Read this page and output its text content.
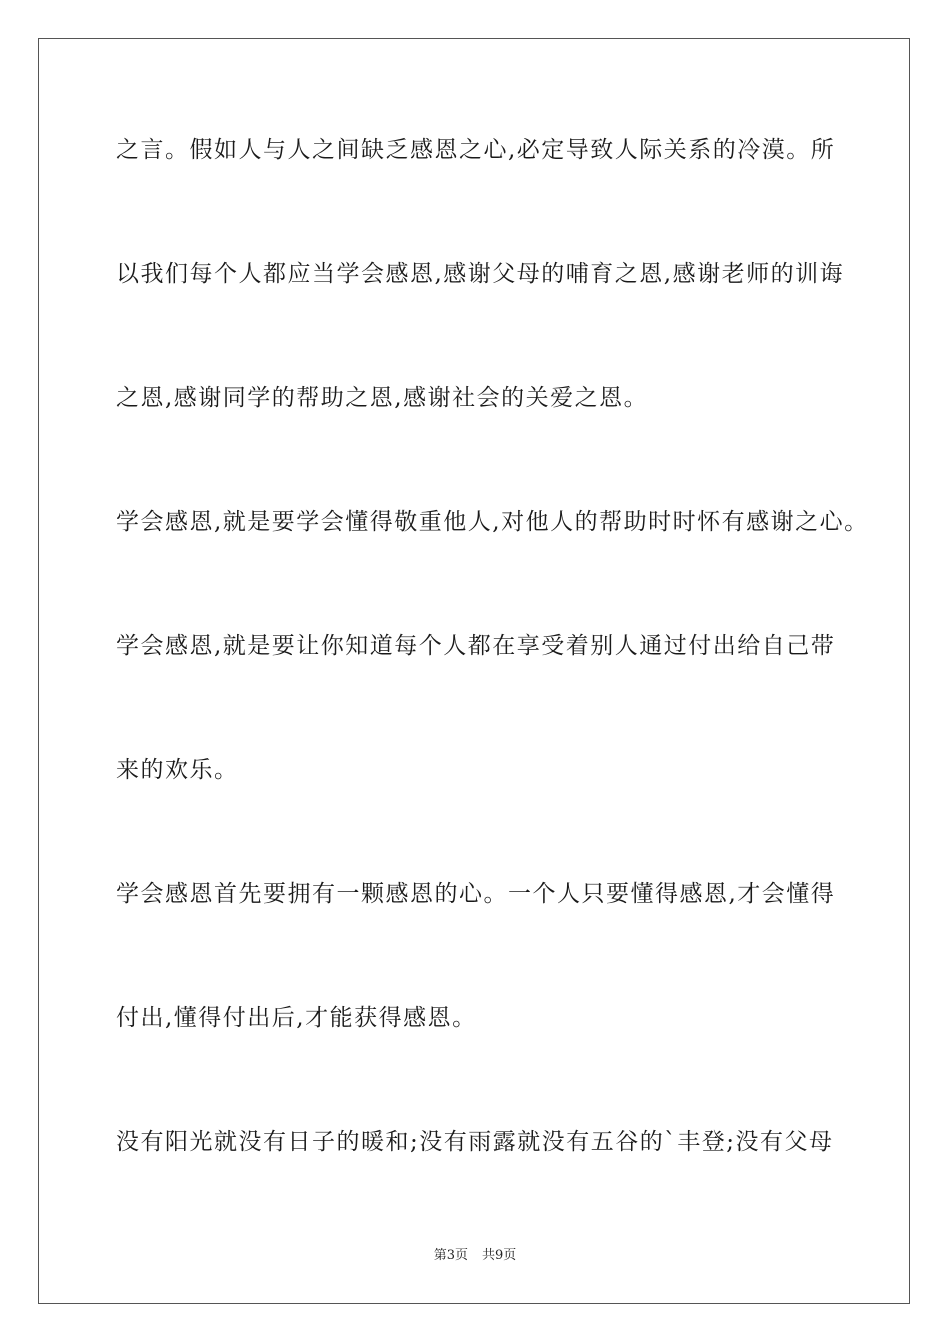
之言。假如人与人之间缺乏感恩之心,必定导致人际关系的冷漠。所
以我们每个人都应当学会感恩,感谢父母的哺育之恩,感谢老师的训诲
之恩,感谢同学的帮助之恩,感谢社会的关爱之恩。
学会感恩,就是要学会懂得敬重他人,对他人的帮助时时怀有感谢之心。
学会感恩,就是要让你知道每个人都在享受着别人通过付出给自己带
来的欢乐。
学会感恩首先要拥有一颗感恩的心。一个人只要懂得感恩,才会懂得
付出,懂得付出后,才能获得感恩。
没有阳光就没有日子的暖和;没有雨露就没有五谷的`丰登;没有父母
第3页 共9页
